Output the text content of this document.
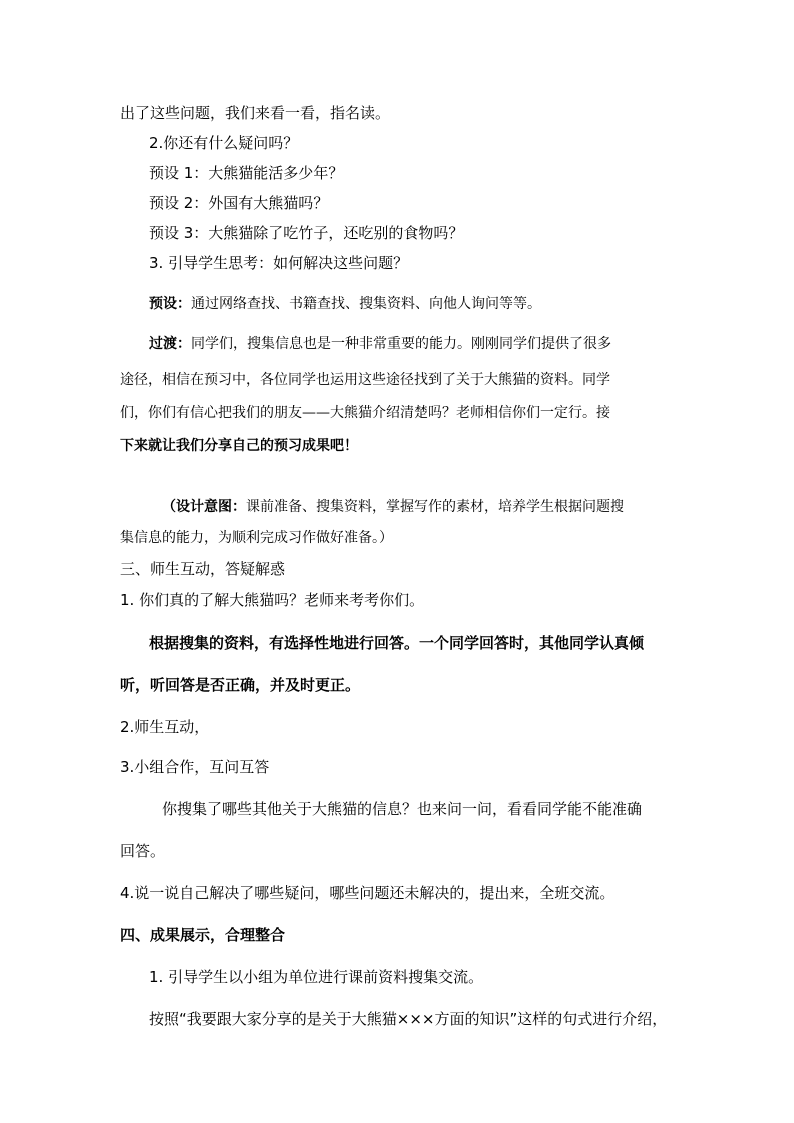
出了这些问题，我们来看一看，指名读。
2.你还有什么疑问吗？
预设 1：大熊猫能活多少年？
预设 2：外国有大熊猫吗？
预设 3：大熊猫除了吃竹子，还吃别的食物吗？
3. 引导学生思考：如何解决这些问题？
预设：通过网络查找、书籍查找、搜集资料、向他人询问等等。
过渡：同学们，搜集信息也是一种非常重要的能力。刚刚同学们提供了很多
途径，相信在预习中，各位同学也运用这些途径找到了关于大熊猫的资料。同学
们，你们有信心把我们的朋友——大熊猫介绍清楚吗？老师相信你们一定行。接
下来就让我们分享自己的预习成果吧！
（设计意图：课前准备、搜集资料，掌握写作的素材，培养学生根据问题搜
集信息的能力，为顺利完成习作做好准备。）
三、师生互动，答疑解惑
1. 你们真的了解大熊猫吗？老师来考考你们。
根据搜集的资料，有选择性地进行回答。一个同学回答时，其他同学认真倾
听，听回答是否正确，并及时更正。
2.师生互动，
3.小组合作，互问互答
你搜集了哪些其他关于大熊猫的信息？也来问一问，看看同学能不能准确
回答。
4.说一说自己解决了哪些疑问，哪些问题还未解决的，提出来，全班交流。
四、成果展示，合理整合
1. 引导学生以小组为单位进行课前资料搜集交流。
按照“我要跟大家分享的是关于大熊猫×××方面的知识”这样的句式进行介绍，
